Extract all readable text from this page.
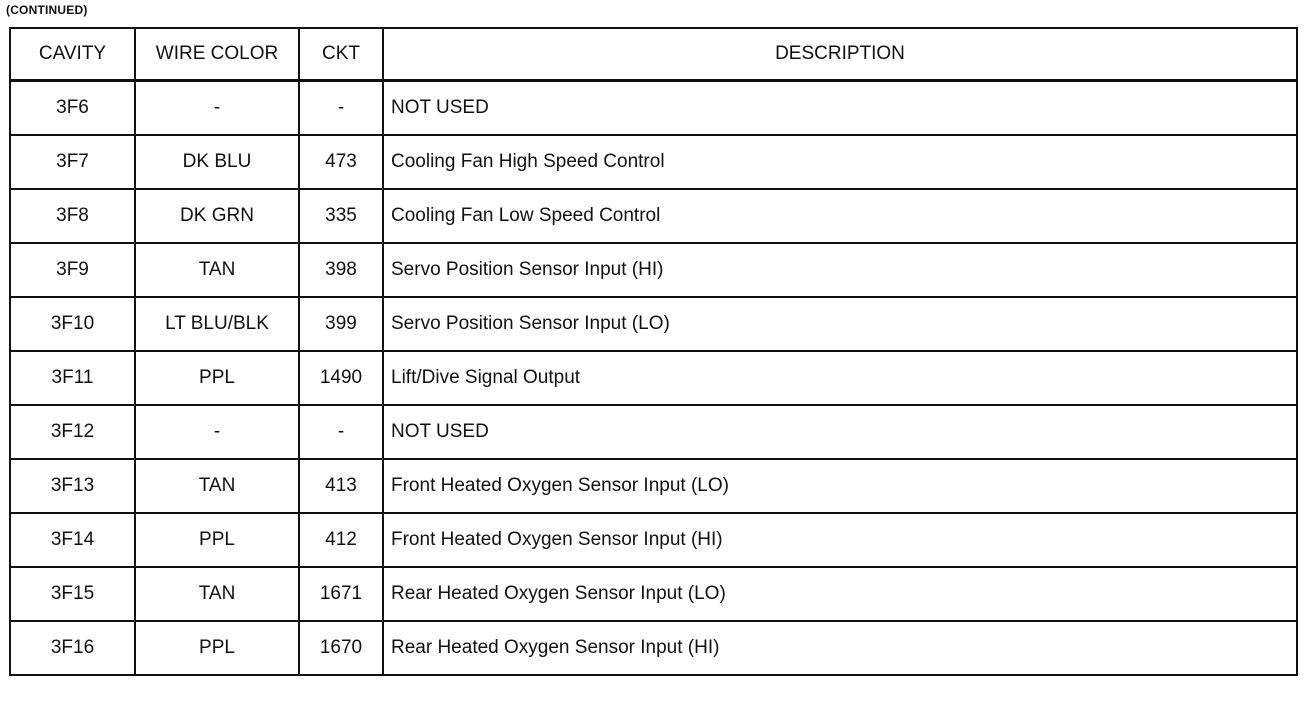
(CONTINUED)
CAVITY	WIRE COLOR	CKT	DESCRIPTION
3F6	-	-	NOT USED
3F7	DK BLU	473	Cooling Fan High Speed Control
3F8	DK GRN	335	Cooling Fan Low Speed Control
3F9	TAN	398	Servo Position Sensor Input (HI)
3F10	LT BLU/BLK	399	Servo Position Sensor Input (LO)
3F11	PPL	1490	Lift/Dive Signal Output
3F12	-	-	NOT USED
3F13	TAN	413	Front Heated Oxygen Sensor Input (LO)
3F14	PPL	412	Front Heated Oxygen Sensor Input (HI)
3F15	TAN	1671	Rear Heated Oxygen Sensor Input (LO)
3F16	PPL	1670	Rear Heated Oxygen Sensor Input (HI)
